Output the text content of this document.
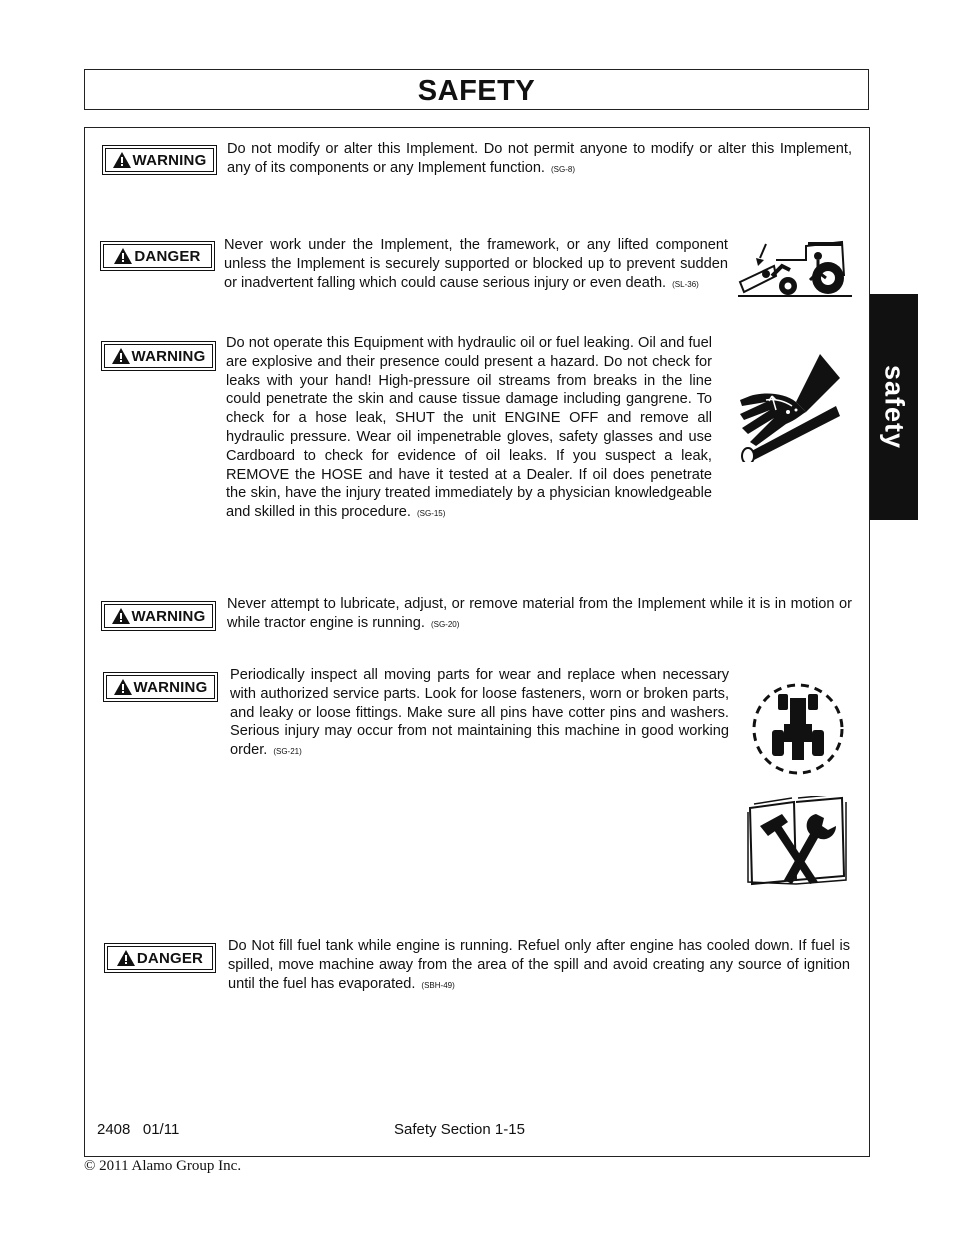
SAFETY
safety
WARNING
Do not modify or alter this Implement. Do not permit anyone to modify or alter this Implement, any of its components or any Implement function. (SG-8)
DANGER
Never work under the Implement, the framework, or any lifted component unless the Implement is securely supported or blocked up to prevent sudden or inadvertent falling which could cause serious injury or even death. (SL-36)
WARNING
Do not operate this Equipment with hydraulic oil or fuel leaking. Oil and fuel are explosive and their presence could present a hazard. Do not check for leaks with your hand! High-pressure oil streams from breaks in the line could penetrate the skin and cause tissue damage including gangrene. To check for a hose leak, SHUT the unit ENGINE OFF and remove all hydraulic pressure. Wear oil impenetrable gloves, safety glasses and use Cardboard to check for evidence of oil leaks. If you suspect a leak, REMOVE the HOSE and have it tested at a Dealer. If oil does penetrate the skin, have the injury treated immediately by a physician knowledgeable and skilled in this procedure. (SG-15)
WARNING
Never attempt to lubricate, adjust, or remove material from the Implement while it is in motion or while tractor engine is running. (SG-20)
WARNING
Periodically inspect all moving parts for wear and replace when necessary with authorized service parts. Look for loose fasteners, worn or broken parts, and leaky or loose fittings. Make sure all pins have cotter pins and washers. Serious injury may occur from not maintaining this machine in good working order. (SG-21)
DANGER
Do Not fill fuel tank while engine is running. Refuel only after engine has cooled down. If fuel is spilled, move machine away from the area of the spill and avoid creating any source of ignition until the fuel has evaporated. (SBH-49)
2408   01/11	Safety Section 1-15
© 2011 Alamo Group Inc.
